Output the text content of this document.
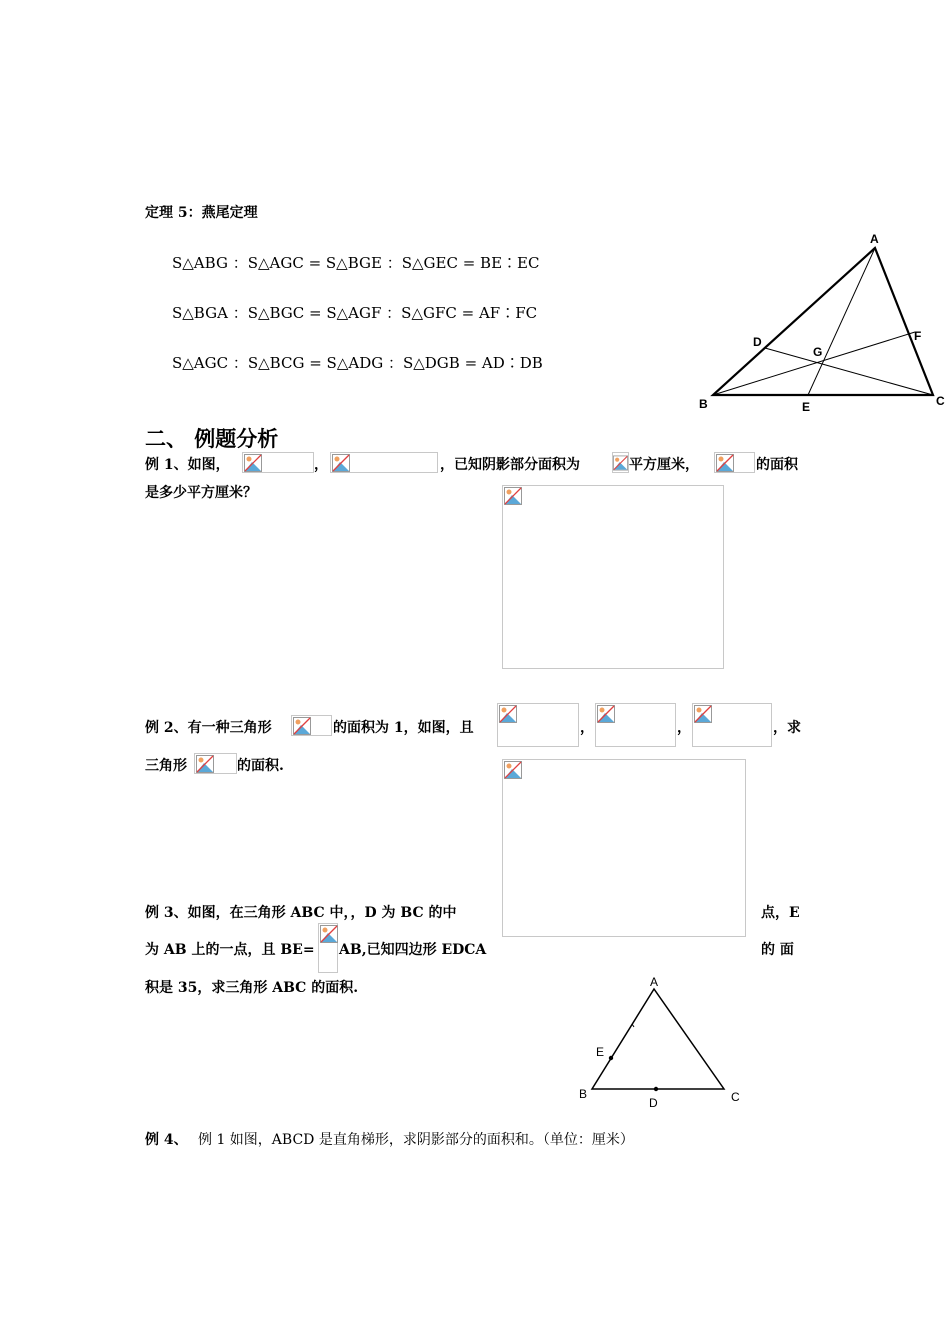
定理 5：燕尾定理
S△ABG ：S△AGC = S△BGE ：S△GEC = BE∶EC
S△BGA ：S△BGC = S△AGF ：S△GFC = AF∶FC
S△AGC ：S△BCG = S△ADG ：S△DGB = AD∶DB
A
B	C
D
E
F
G
二、 例题分析
例 1、如图，	，	，已知阴影部分面积为	平方厘米，	的面积
是多少平方厘米？
例 2、有一种三角形	的面积为 1，如图，且	，	，	，求
三角形	的面积.
例 3、如图，在三角形 ABC 中，，D 为 BC 的中	点，E
为 AB 上的一点，且 BE= AB,已知四边形 EDCA	的 面
积是 35，求三角形 ABC 的面积.	A
B	C
D
E
例 4、 例 1 如图，ABCD 是直角梯形，求阴影部分的面积和。（单位：厘米）
